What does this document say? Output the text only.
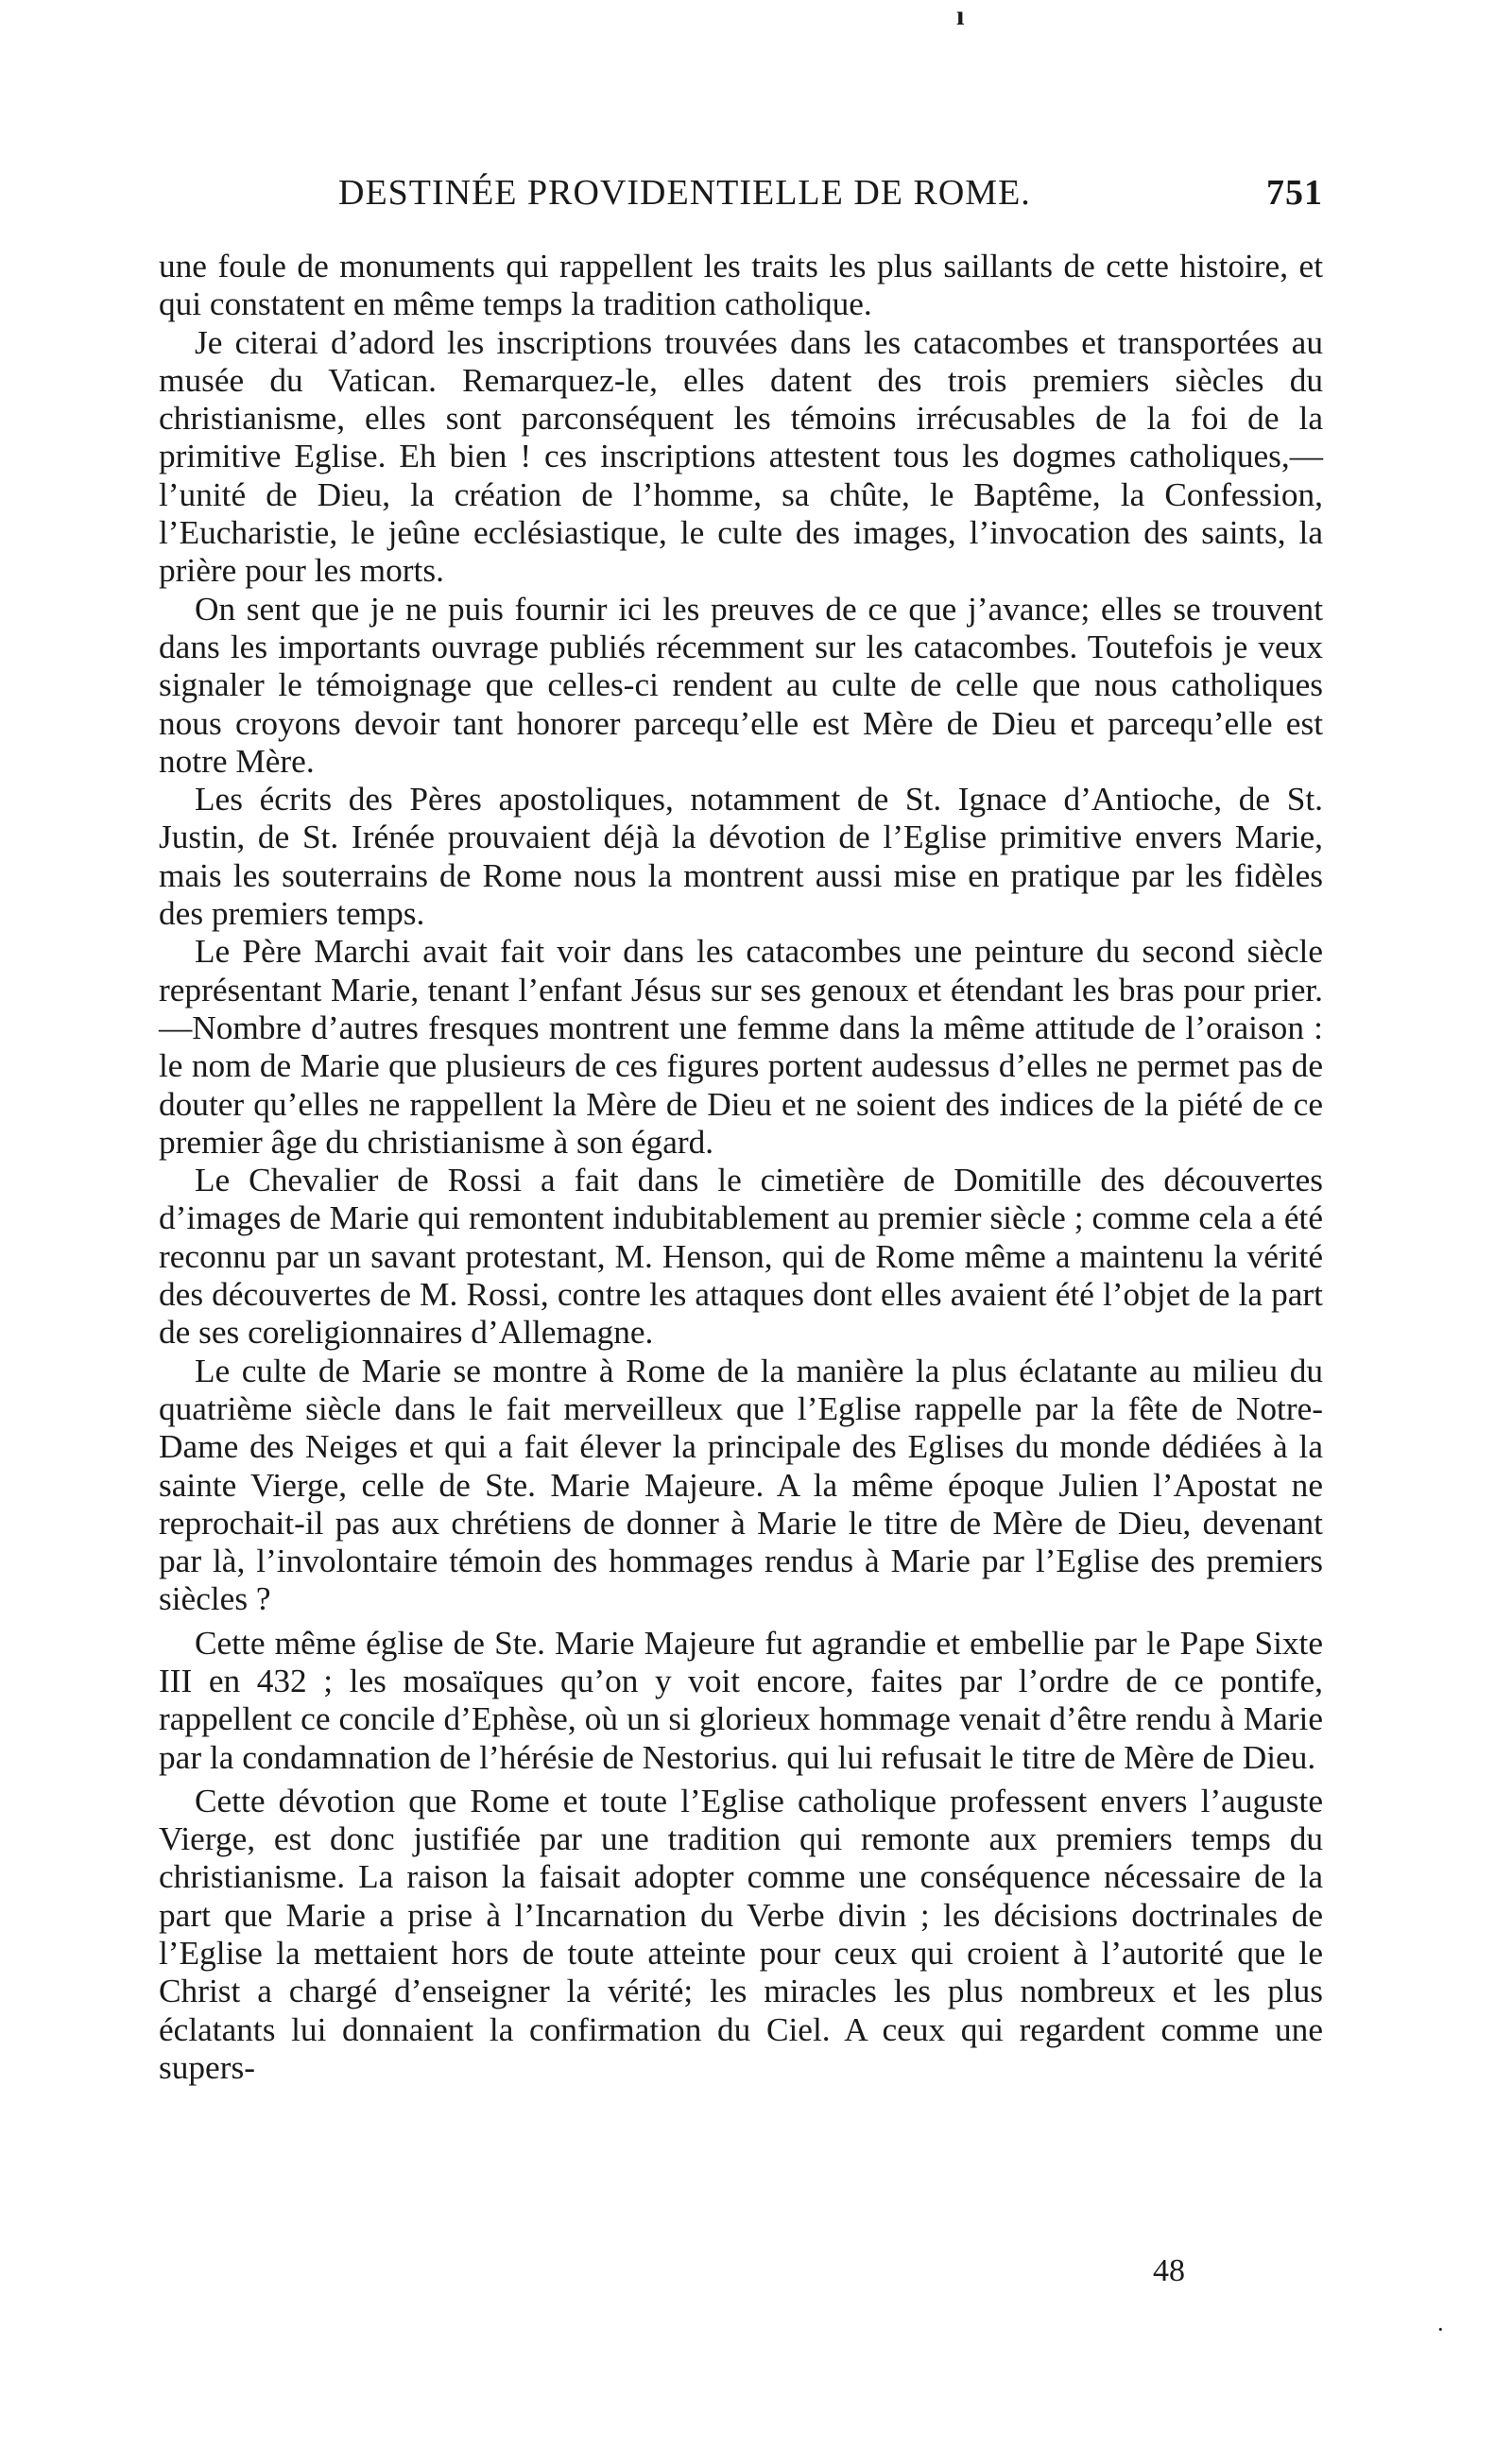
ı
DESTINÉE PROVIDENTIELLE DE ROME.	751

une foule de monuments qui rappellent les traits les plus saillants de cette histoire, et qui constatent en même temps la tradition catholique.

Je citerai d’adord les inscriptions trouvées dans les catacombes et transportées au musée du Vatican. Remarquez-le, elles datent des trois premiers siècles du christianisme, elles sont parconséquent les témoins irrécusables de la foi de la primitive Eglise. Eh bien ! ces inscriptions attestent tous les dogmes catholiques,—l’unité de Dieu, la création de l’homme, sa chûte, le Baptême, la Confession, l’Eucharistie, le jeûne ecclésiastique, le culte des images, l’invocation des saints, la prière pour les morts.

On sent que je ne puis fournir ici les preuves de ce que j’avance; elles se trouvent dans les importants ouvrage publiés récemment sur les catacombes. Toutefois je veux signaler le témoignage que celles-ci rendent au culte de celle que nous catholiques nous croyons devoir tant honorer parcequ’elle est Mère de Dieu et parcequ’elle est notre Mère.

Les écrits des Pères apostoliques, notamment de St. Ignace d’Antioche, de St. Justin, de St. Irénée prouvaient déjà la dévotion de l’Eglise primitive envers Marie, mais les souterrains de Rome nous la montrent aussi mise en pratique par les fidèles des premiers temps.

Le Père Marchi avait fait voir dans les catacombes une peinture du second siècle représentant Marie, tenant l’enfant Jésus sur ses genoux et étendant les bras pour prier.—Nombre d’autres fresques montrent une femme dans la même attitude de l’oraison : le nom de Marie que plusieurs de ces figures portent audessus d’elles ne permet pas de douter qu’elles ne rappellent la Mère de Dieu et ne soient des indices de la piété de ce premier âge du christianisme à son égard.

Le Chevalier de Rossi a fait dans le cimetière de Domitille des découvertes d’images de Marie qui remontent indubitablement au premier siècle ; comme cela a été reconnu par un savant protestant, M. Henson, qui de Rome même a maintenu la vérité des découvertes de M. Rossi, contre les attaques dont elles avaient été l’objet de la part de ses coreligionnaires d’Allemagne.

Le culte de Marie se montre à Rome de la manière la plus éclatante au milieu du quatrième siècle dans le fait merveilleux que l’Eglise rappelle par la fête de Notre-Dame des Neiges et qui a fait élever la principale des Eglises du monde dédiées à la sainte Vierge, celle de Ste. Marie Majeure. A la même époque Julien l’Apostat ne reprochait-il pas aux chrétiens de donner à Marie le titre de Mère de Dieu, devenant par là, l’involontaire témoin des hommages rendus à Marie par l’Eglise des premiers siècles ?

Cette même église de Ste. Marie Majeure fut agrandie et embellie par le Pape Sixte III en 432 ; les mosaïques qu’on y voit encore, faites par l’ordre de ce pontife, rappellent ce concile d’Ephèse, où un si glorieux hommage venait d’être rendu à Marie par la condamnation de l’hérésie de Nestorius. qui lui refusait le titre de Mère de Dieu.

Cette dévotion que Rome et toute l’Eglise catholique professent envers l’auguste Vierge, est donc justifiée par une tradition qui remonte aux premiers temps du christianisme. La raison la faisait adopter comme une conséquence nécessaire de la part que Marie a prise à l’Incarnation du Verbe divin ; les décisions doctrinales de l’Eglise la mettaient hors de toute atteinte pour ceux qui croient à l’autorité que le Christ a chargé d’enseigner la vérité; les miracles les plus nombreux et les plus éclatants lui donnaient la confirmation du Ciel. A ceux qui regardent comme une supers-

48
·
